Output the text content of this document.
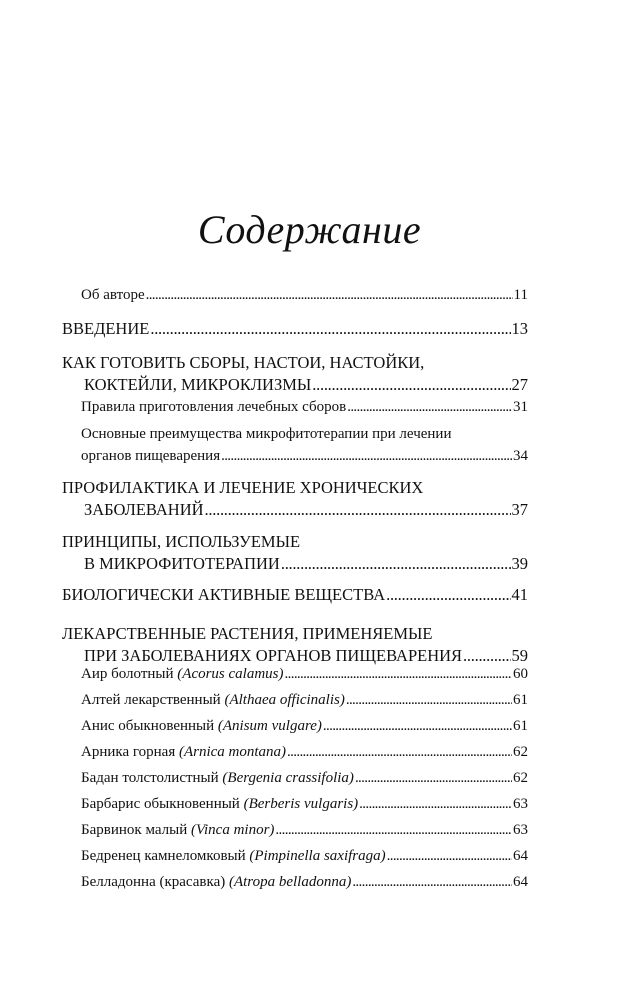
Содержание
Об авторе . . .	11
ВВЕДЕНИЕ . . .	13
КАК ГОТОВИТЬ СБОРЫ, НАСТОИ, НАСТОЙКИ,
КОКТЕЙЛИ, МИКРОКЛИЗМЫ . . .	27
Правила приготовления лечебных сборов . . .	31
Основные преимущества микрофитотерапии при лечении
органов пищеварения . . .	34
ПРОФИЛАКТИКА И ЛЕЧЕНИЕ ХРОНИЧЕСКИХ
ЗАБОЛЕВАНИЙ . . .	37
ПРИНЦИПЫ, ИСПОЛЬЗУЕМЫЕ
В МИКРОФИТОТЕРАПИИ . . .	39
БИОЛОГИЧЕСКИ АКТИВНЫЕ ВЕЩЕСТВА . . .	41
ЛЕКАРСТВЕННЫЕ РАСТЕНИЯ, ПРИМЕНЯЕМЫЕ
ПРИ ЗАБОЛЕВАНИЯХ ОРГАНОВ ПИЩЕВАРЕНИЯ . . .	59
Аир болотный (Acorus calamus) . . .	60
Алтей лекарственный (Althaea officinalis) . . .	61
Анис обыкновенный (Anisum vulgare) . . .	61
Арника горная (Arnica montana) . . .	62
Бадан толстолистный (Bergenia crassifolia) . . .	62
Барбарис обыкновенный (Berberis vulgaris) . . .	63
Барвинок малый (Vinca minor) . . .	63
Бедренец камнеломковый (Pimpinella saxifraga) . . .	64
Белладонна (красавка) (Atropa belladonna) . . .	64
